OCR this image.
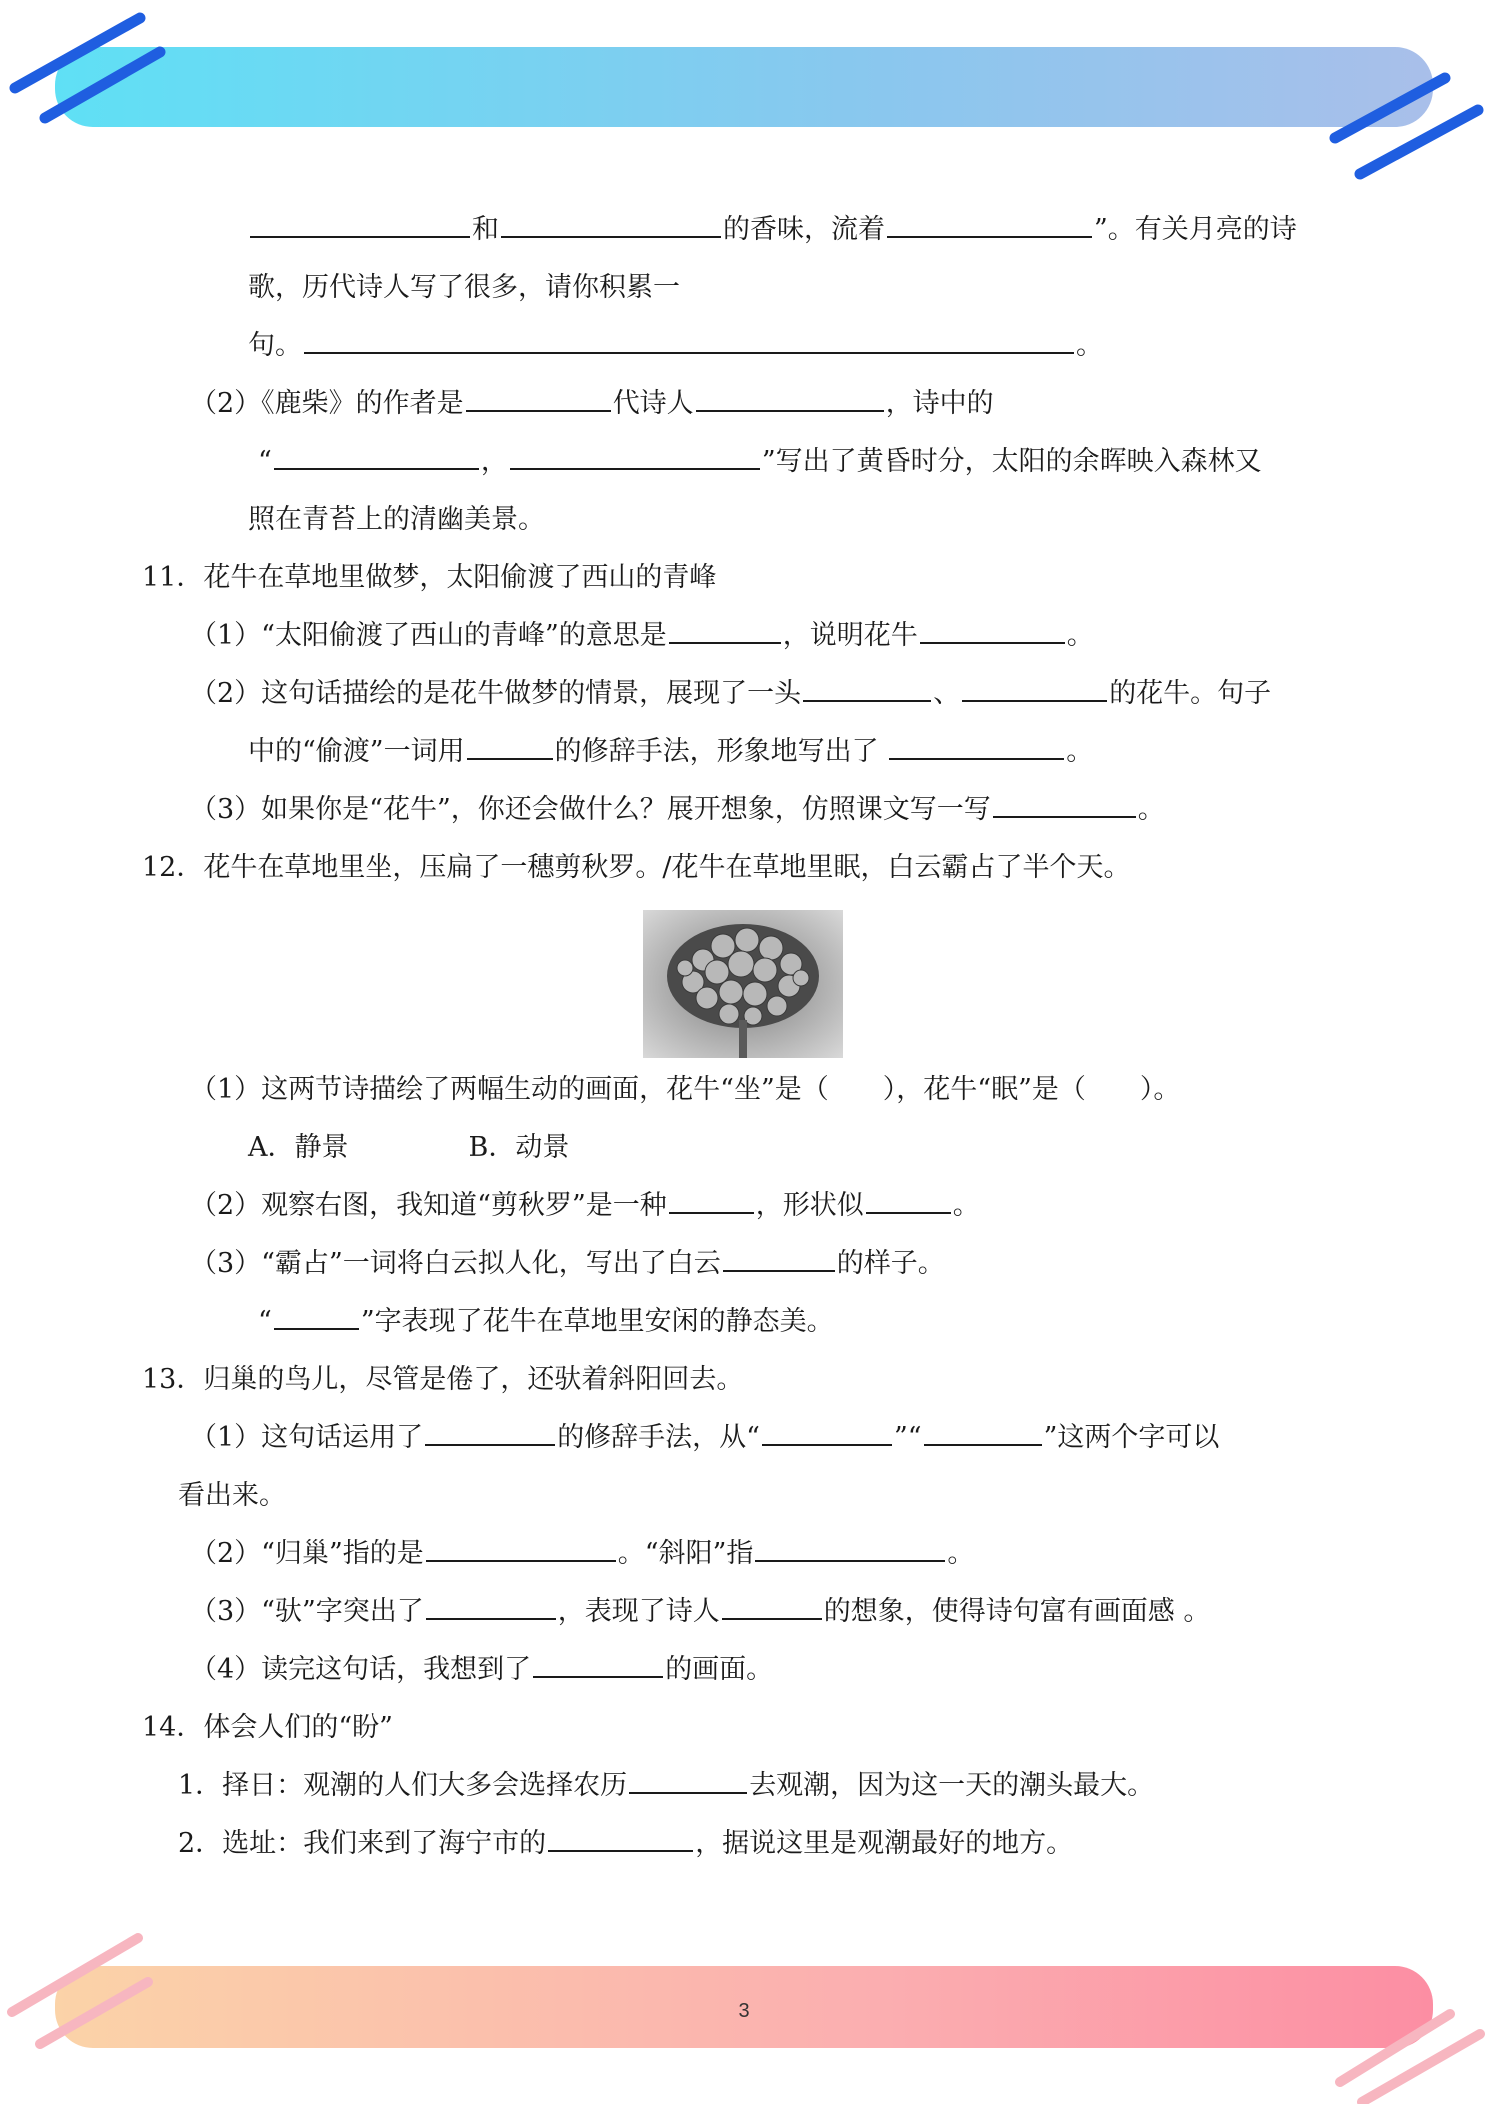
和	的香味，流着	”。有关月亮的诗
歌，历代诗人写了很多，请你积累一
句。	。
（2）《鹿柴》的作者是	代诗人	，诗中的
“	，	”写出了黄昏时分，太阳的余晖映入森林又
照在青苔上的清幽美景。
11．花牛在草地里做梦，太阳偷渡了西山的青峰
（1）“太阳偷渡了西山的青峰”的意思是	，说明花牛	。
（2）这句话描绘的是花牛做梦的情景，展现了一头	、	的花牛。句子
中的“偷渡”一词用	的修辞手法，形象地写出了	。
（3）如果你是“花牛”，你还会做什么？展开想象，仿照课文写一写	。
12．花牛在草地里坐，压扁了一穗剪秋罗。/花牛在草地里眠，白云霸占了半个天。
（1）这两节诗描绘了两幅生动的画面，花牛“坐”是（　　），花牛“眠”是（　　）。
A．静景	B．动景
（2）观察右图，我知道“剪秋罗”是一种	，形状似	。
（3）“霸占”一词将白云拟人化，写出了白云	的样子。
“	”字表现了花牛在草地里安闲的静态美。
13．归巢的鸟儿，尽管是倦了，还驮着斜阳回去。
（1）这句话运用了	的修辞手法，从“	”“	”这两个字可以
看出来。
（2）“归巢”指的是	。“斜阳”指	。
（3）“驮”字突出了	，表现了诗人	的想象，使得诗句富有画面感 。
（4）读完这句话，我想到了	的画面。
14．体会人们的“盼”
1．择日：观潮的人们大多会选择农历	去观潮，因为这一天的潮头最大。
2．选址：我们来到了海宁市的	，据说这里是观潮最好的地方。
3
